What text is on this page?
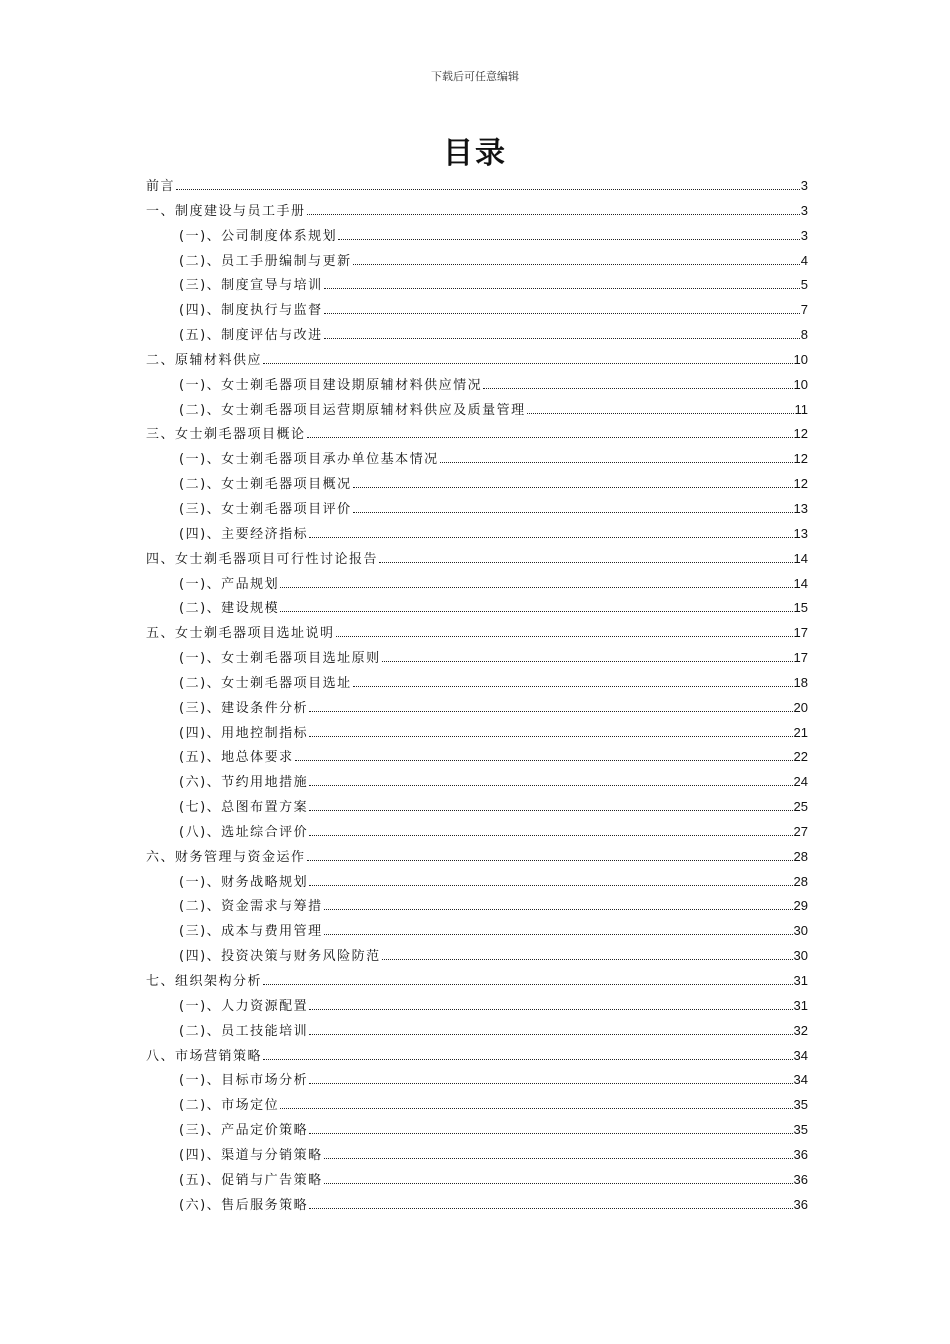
下载后可任意编辑
目录
前言	3
一、制度建设与员工手册	3
(一)、公司制度体系规划	3
(二)、员工手册编制与更新	4
(三)、制度宣导与培训	5
(四)、制度执行与监督	7
(五)、制度评估与改进	8
二、原辅材料供应	10
(一)、女士剃毛器项目建设期原辅材料供应情况	10
(二)、女士剃毛器项目运营期原辅材料供应及质量管理	11
三、女士剃毛器项目概论	12
(一)、女士剃毛器项目承办单位基本情况	12
(二)、女士剃毛器项目概况	12
(三)、女士剃毛器项目评价	13
(四)、主要经济指标	13
四、女士剃毛器项目可行性讨论报告	14
(一)、产品规划	14
(二)、建设规模	15
五、女士剃毛器项目选址说明	17
(一)、女士剃毛器项目选址原则	17
(二)、女士剃毛器项目选址	18
(三)、建设条件分析	20
(四)、用地控制指标	21
(五)、地总体要求	22
(六)、节约用地措施	24
(七)、总图布置方案	25
(八)、选址综合评价	27
六、财务管理与资金运作	28
(一)、财务战略规划	28
(二)、资金需求与筹措	29
(三)、成本与费用管理	30
(四)、投资决策与财务风险防范	30
七、组织架构分析	31
(一)、人力资源配置	31
(二)、员工技能培训	32
八、市场营销策略	34
(一)、目标市场分析	34
(二)、市场定位	35
(三)、产品定价策略	35
(四)、渠道与分销策略	36
(五)、促销与广告策略	36
(六)、售后服务策略	36
